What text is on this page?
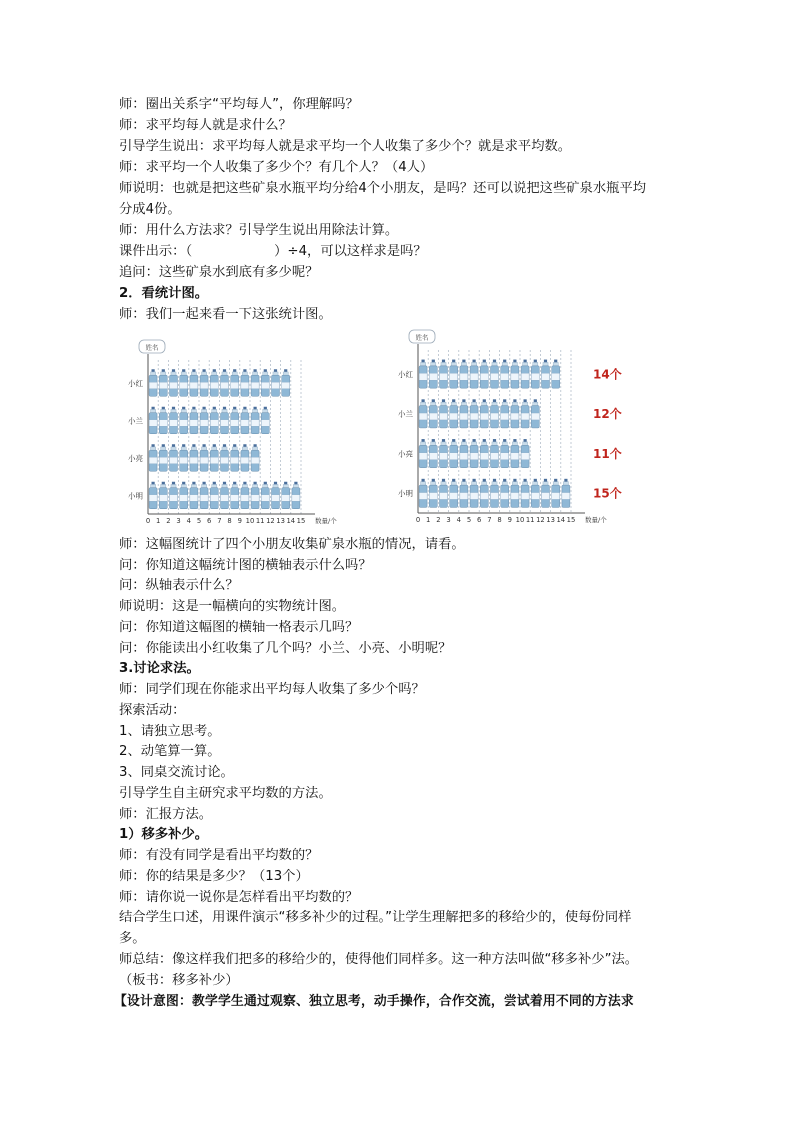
师：圈出关系字“平均每人”，你理解吗？
师：求平均每人就是求什么？
引导学生说出：求平均每人就是求平均一个人收集了多少个？就是求平均数。
师：求平均一个人收集了多少个？有几个人？（4人）
师说明：也就是把这些矿泉水瓶平均分给4个小朋友，是吗？还可以说把这些矿泉水瓶平均
分成4份。
师：用什么方法求？引导学生说出用除法计算。
课件出示：（	）÷4，可以这样求是吗？
追问：这些矿泉水到底有多少呢？
2．看统计图。
师：我们一起来看一下这张统计图。
姓名
0 1 2 3 4 5 6 7 8 9 10 11 12 13 14 15 数量/个
小红
小兰
小亮
小明
姓名
0 1 2 3 4 5 6 7 8 9 10 11 12 13 14 15 数量/个
小红	14个
小兰	12个
小亮	11个
小明	15个
师：这幅图统计了四个小朋友收集矿泉水瓶的情况，请看。
问：你知道这幅统计图的横轴表示什么吗？
问：纵轴表示什么？
师说明：这是一幅横向的实物统计图。
问：你知道这幅图的横轴一格表示几吗？
问：你能读出小红收集了几个吗？小兰、小亮、小明呢？
3.讨论求法。
师：同学们现在你能求出平均每人收集了多少个吗？
探索活动：
1、请独立思考。
2、动笔算一算。
3、同桌交流讨论。
引导学生自主研究求平均数的方法。
师：汇报方法。
1）移多补少。
师：有没有同学是看出平均数的？
师：你的结果是多少？（13个）
师：请你说一说你是怎样看出平均数的？
结合学生口述，用课件演示“移多补少的过程。”让学生理解把多的移给少的，使每份同样
多。
师总结：像这样我们把多的移给少的，使得他们同样多。这一种方法叫做“移多补少”法。
（板书：移多补少）
【设计意图：教学学生通过观察、独立思考，动手操作，合作交流，尝试着用不同的方法求
